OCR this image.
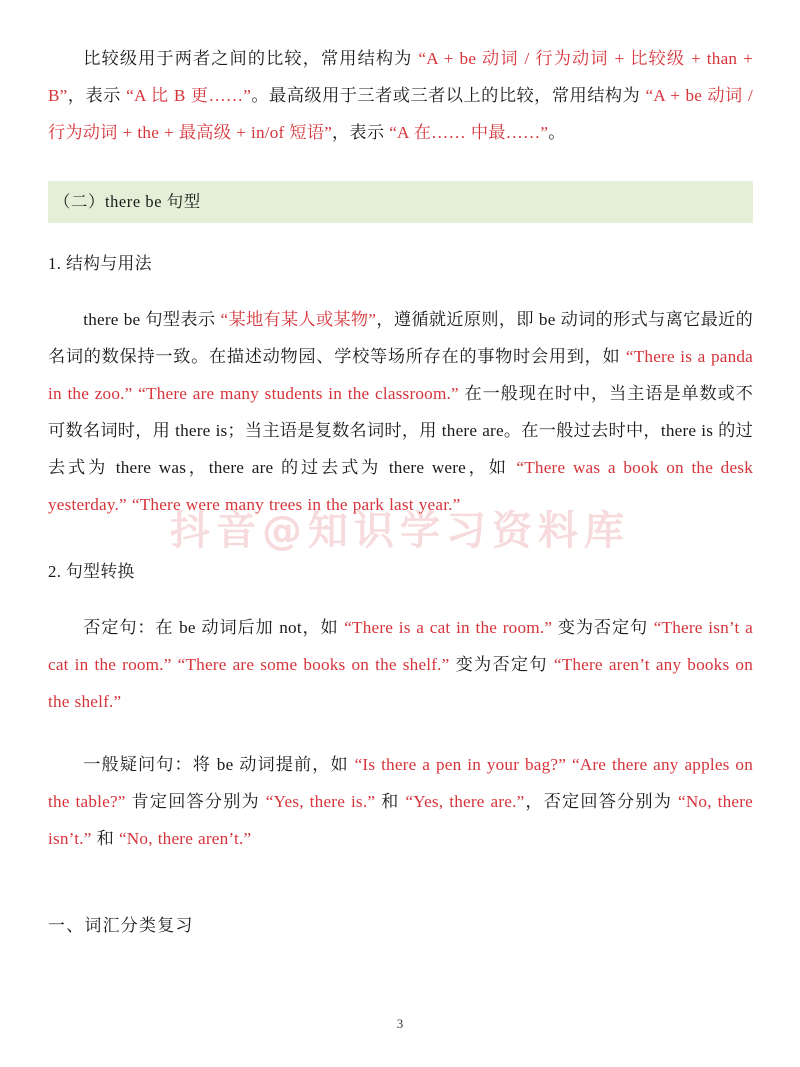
抖音@知识学习资料库

比较级用于两者之间的比较，常用结构为 “A + be 动词 / 行为动词 + 比较级 + than + B”，表示 “A 比 B 更……”。最高级用于三者或三者以上的比较，常用结构为 “A + be 动词 / 行为动词 + the + 最高级 + in/of 短语”，表示 “A 在…… 中最……”。

（二）there be 句型

1. 结构与用法

there be 句型表示 “某地有某人或某物”，遵循就近原则，即 be 动词的形式与离它最近的名词的数保持一致。在描述动物园、学校等场所存在的事物时会用到，如 “There is a panda in the zoo.” “There are many students in the classroom.” 在一般现在时中，当主语是单数或不可数名词时，用 there is；当主语是复数名词时，用 there are。在一般过去时中，there is 的过去式为 there was，there are 的过去式为 there were，如 “There was a book on the desk yesterday.” “There were many trees in the park last year.”

2. 句型转换

否定句：在 be 动词后加 not，如 “There is a cat in the room.” 变为否定句 “There isn’t a cat in the room.” “There are some books on the shelf.” 变为否定句 “There aren’t any books on the shelf.”

一般疑问句：将 be 动词提前，如 “Is there a pen in your bag?” “Are there any apples on the table?” 肯定回答分别为 “Yes, there is.” 和 “Yes, there are.”，否定回答分别为 “No, there isn’t.” 和 “No, there aren’t.”

一、词汇分类复习

3
